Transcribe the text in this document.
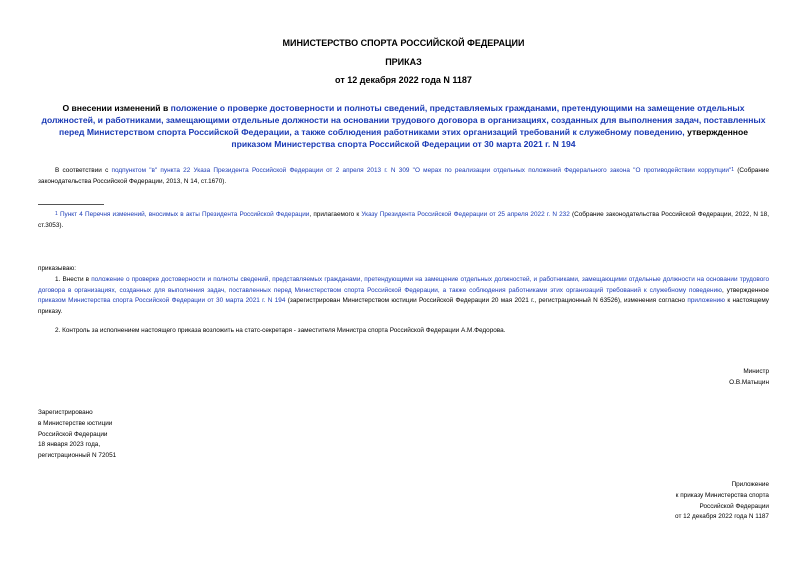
МИНИСТЕРСТВО СПОРТА РОССИЙСКОЙ ФЕДЕРАЦИИ
ПРИКАЗ
от 12 декабря 2022 года N 1187
О внесении изменений в положение о проверке достоверности и полноты сведений, представляемых гражданами, претендующими на замещение отдельных должностей, и работниками, замещающими отдельные должности на основании трудового договора в организациях, созданных для выполнения задач, поставленных перед Министерством спорта Российской Федерации, а также соблюдения работниками этих организаций требований к служебному поведению, утвержденное приказом Министерства спорта Российской Федерации от 30 марта 2021 г. N 194
В соответствии с подпунктом "в" пункта 22 Указа Президента Российской Федерации от 2 апреля 2013 г. N 309 "О мерах по реализации отдельных положений Федерального закона "О противодействии коррупции"1 (Собрание законодательства Российской Федерации, 2013, N 14, ст.1670).
1 Пункт 4 Перечня изменений, вносимых в акты Президента Российской Федерации, прилагаемого к Указу Президента Российской Федерации от 25 апреля 2022 г. N 232 (Собрание законодательства Российской Федерации, 2022, N 18, ст.3053).
приказываю:
1. Внести в положение о проверке достоверности и полноты сведений, представляемых гражданами, претендующими на замещение отдельных должностей, и работниками, замещающими отдельные должности на основании трудового договора в организациях, созданных для выполнения задач, поставленных перед Министерством спорта Российской Федерации, а также соблюдения работниками этих организаций требований к служебному поведению, утвержденное приказом Министерства спорта Российской Федерации от 30 марта 2021 г. N 194 (зарегистрирован Министерством юстиции Российской Федерации 20 мая 2021 г., регистрационный N 63526), изменения согласно приложению к настоящему приказу.
2. Контроль за исполнением настоящего приказа возложить на статс-секретаря - заместителя Министра спорта Российской Федерации А.М.Федорова.
Министр
О.В.Матыцин
Зарегистрировано
в Министерстве юстиции
Российской Федерации
18 января 2023 года,
регистрационный N 72051
Приложение
к приказу Министерства спорта
Российской Федерации
от 12 декабря 2022 года N 1187
